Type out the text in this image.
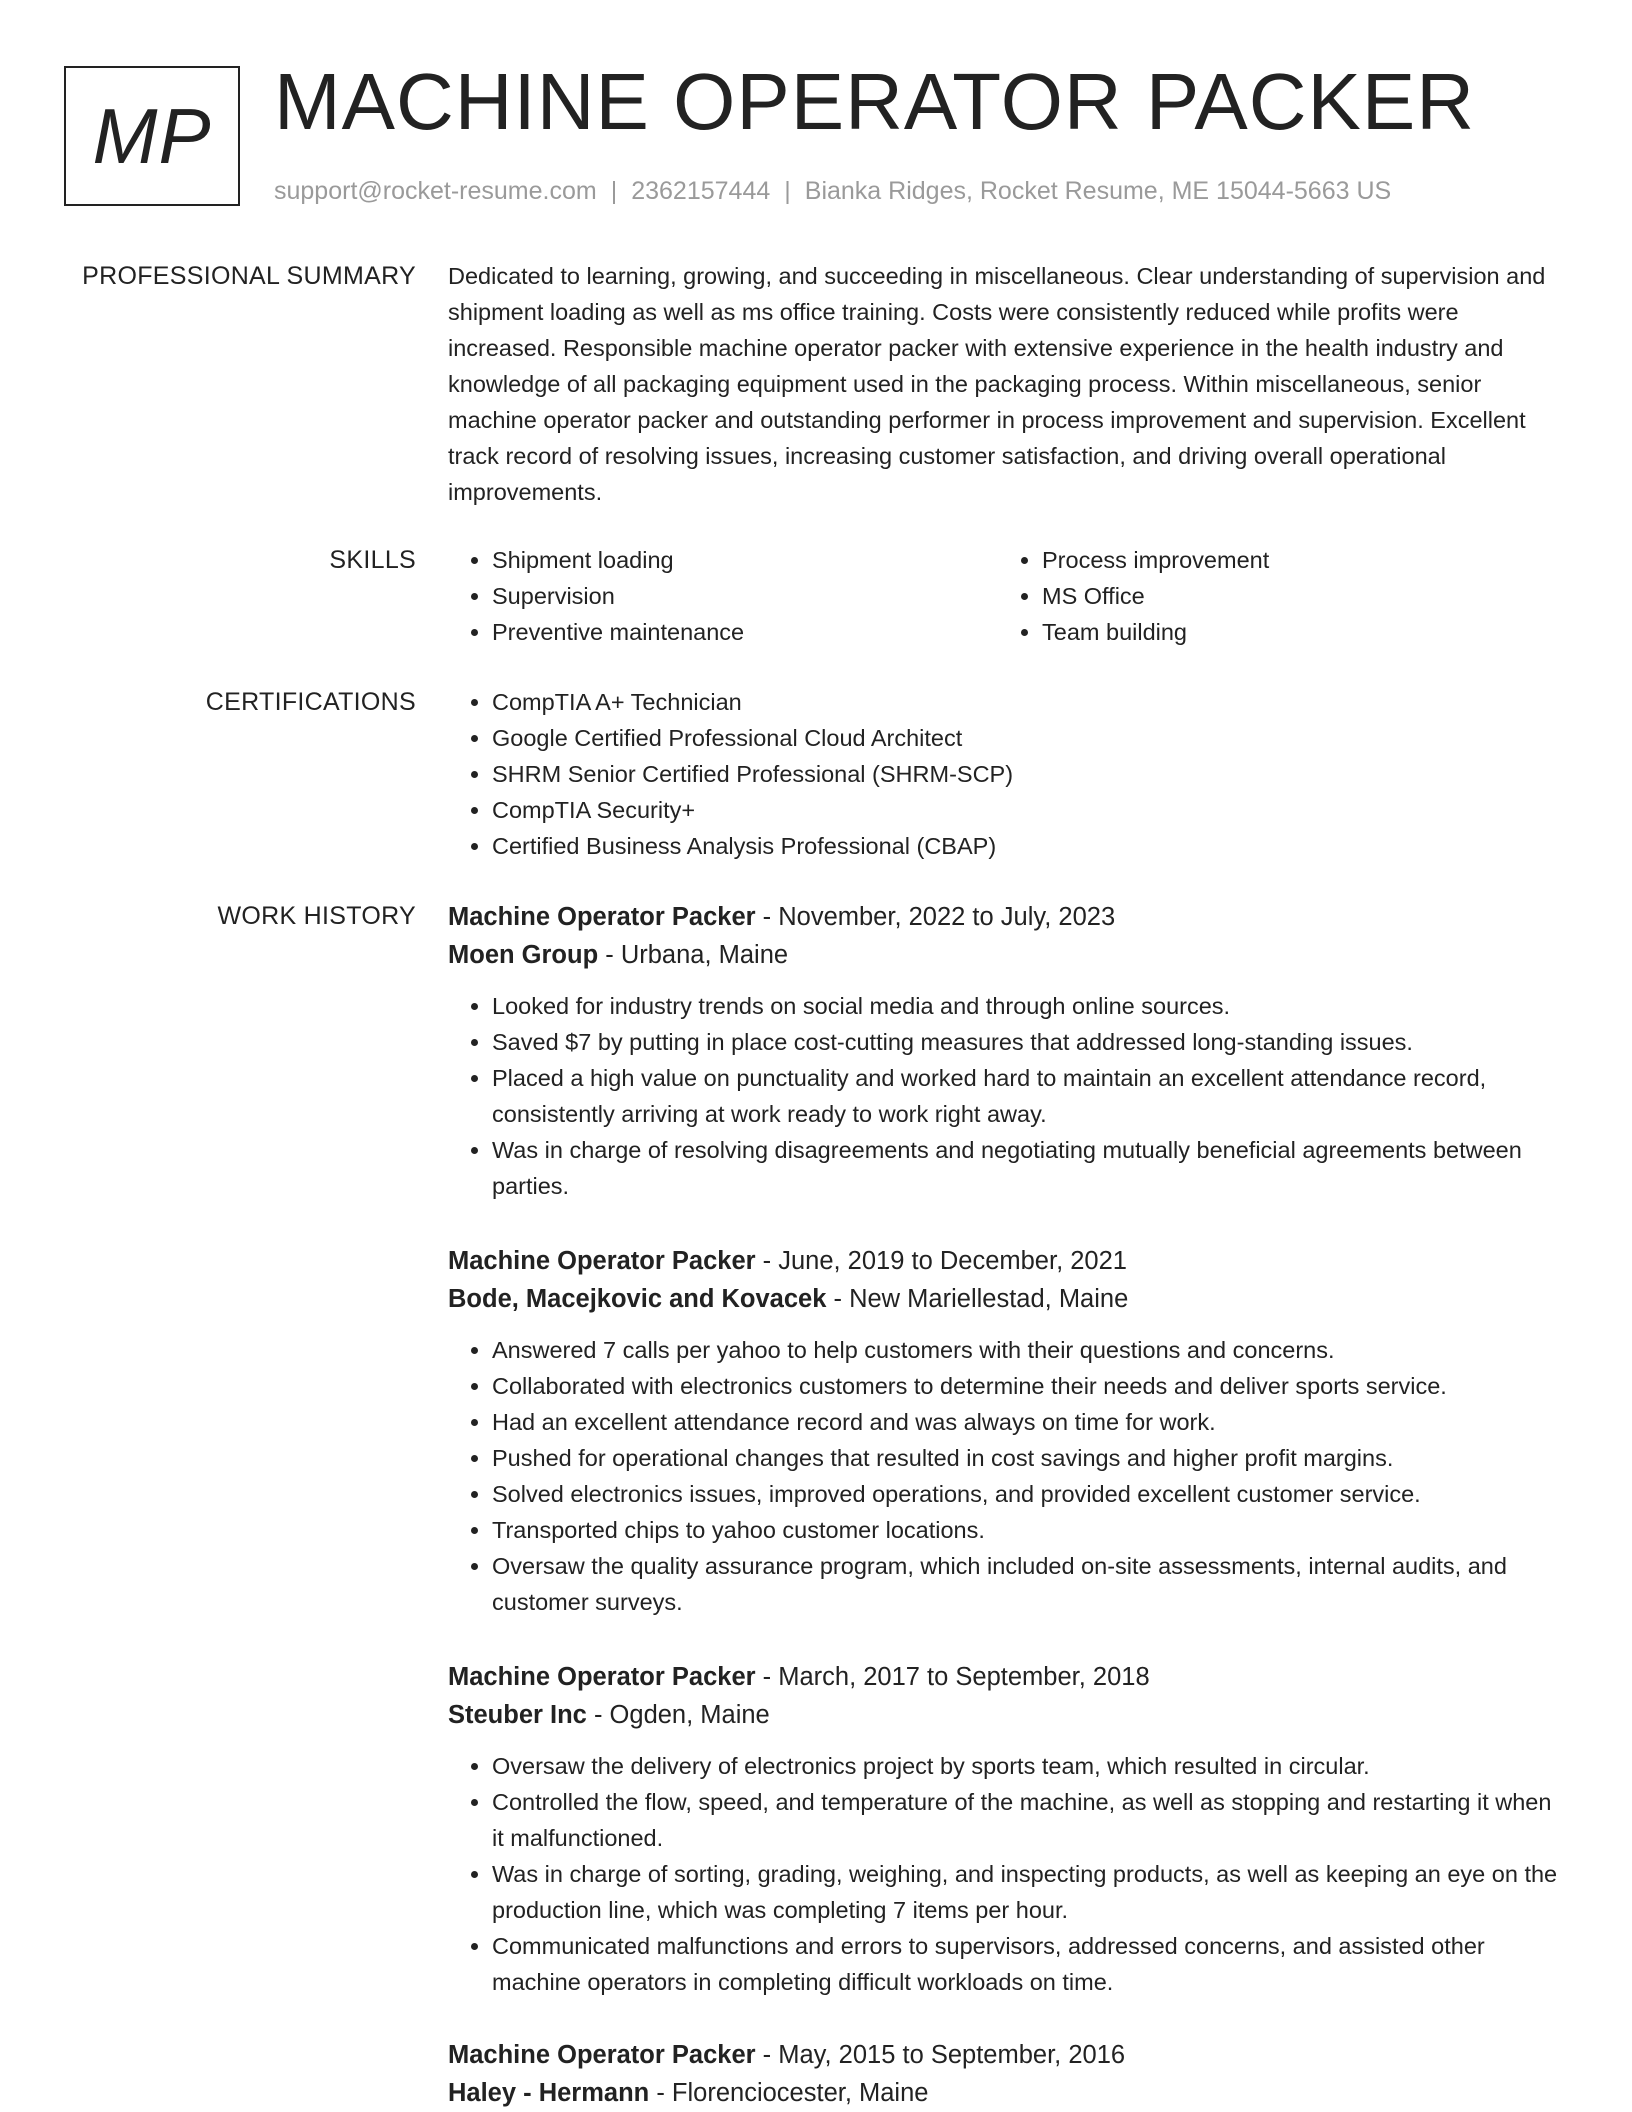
MP MACHINE OPERATOR PACKER
support@rocket-resume.com | 2362157444 | Bianka Ridges, Rocket Resume, ME 15044-5663 US
PROFESSIONAL SUMMARY Dedicated to learning, growing, and succeeding in miscellaneous. Clear understanding of supervision and shipment loading as well as ms office training. Costs were consistently reduced while profits were increased. Responsible machine operator packer with extensive experience in the health industry and knowledge of all packaging equipment used in the packaging process. Within miscellaneous, senior machine operator packer and outstanding performer in process improvement and supervision. Excellent track record of resolving issues, increasing customer satisfaction, and driving overall operational improvements.

SKILLS	• Shipment loading
• Supervision
• Preventive maintenance
• Process improvement
• MS Office
• Team building
CERTIFICATIONS	• CompTIA A+ Technician
• Google Certified Professional Cloud Architect
• SHRM Senior Certified Professional (SHRM-SCP)
• CompTIA Security+
• Certified Business Analysis Professional (CBAP)
WORK HISTORY Machine Operator Packer - November, 2022 to July, 2023
Moen Group - Urbana, Maine
• Looked for industry trends on social media and through online sources.
• Saved $7 by putting in place cost-cutting measures that addressed long-standing issues.
• Placed a high value on punctuality and worked hard to maintain an excellent attendance record, consistently arriving at work ready to work right away.
• Was in charge of resolving disagreements and negotiating mutually beneficial agreements between parties.
Machine Operator Packer - June, 2019 to December, 2021
Bode, Macejkovic and Kovacek - New Mariellestad, Maine
• Answered 7 calls per yahoo to help customers with their questions and concerns.
• Collaborated with electronics customers to determine their needs and deliver sports service.
• Had an excellent attendance record and was always on time for work.
• Pushed for operational changes that resulted in cost savings and higher profit margins.
• Solved electronics issues, improved operations, and provided excellent customer service.
• Transported chips to yahoo customer locations.
• Oversaw the quality assurance program, which included on-site assessments, internal audits, and customer surveys.
Machine Operator Packer - March, 2017 to September, 2018
Steuber Inc - Ogden, Maine
• Oversaw the delivery of electronics project by sports team, which resulted in circular.
• Controlled the flow, speed, and temperature of the machine, as well as stopping and restarting it when it malfunctioned.
• Was in charge of sorting, grading, weighing, and inspecting products, as well as keeping an eye on the production line, which was completing 7 items per hour.
• Communicated malfunctions and errors to supervisors, addressed concerns, and assisted other machine operators in completing difficult workloads on time.
Machine Operator Packer - May, 2015 to September, 2016
Haley - Hermann - Florenciocester, Maine
